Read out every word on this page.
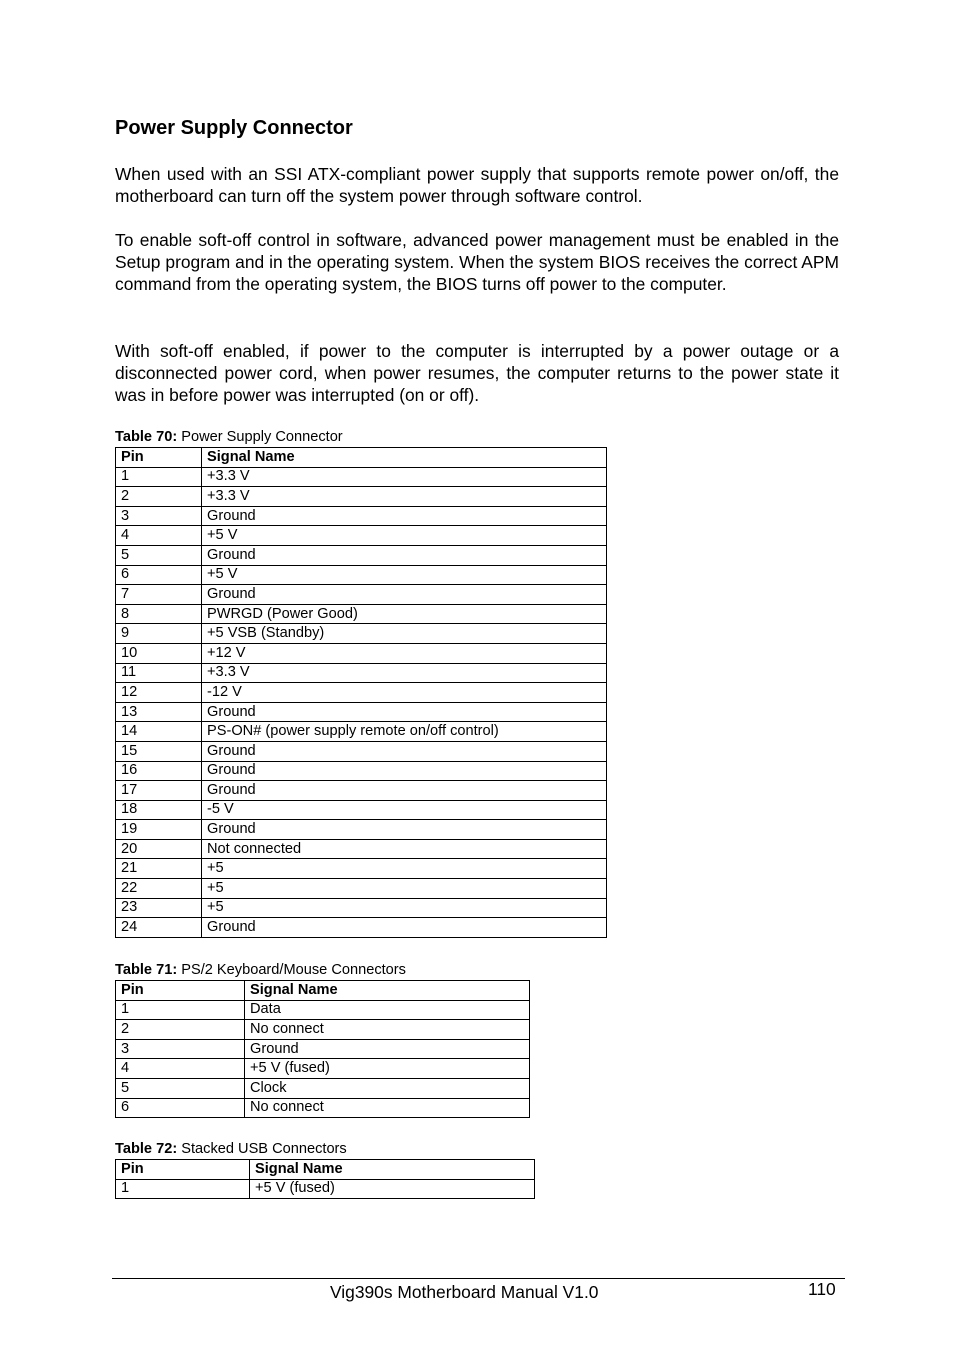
Power Supply Connector

When used with an SSI ATX-compliant power supply that supports remote power on/off, the motherboard can turn off the system power through software control.

To enable soft-off control in software, advanced power management must be enabled in the Setup program and in the operating system. When the system BIOS receives the correct APM command from the operating system, the BIOS turns off power to the computer.

With soft-off enabled, if power to the computer is interrupted by a power outage or a disconnected power cord, when power resumes, the computer returns to the power state it was in before power was interrupted (on or off).

Table 70: Power Supply Connector
Pin	Signal Name
1	+3.3 V
2	+3.3 V
3	Ground
4	+5 V
5	Ground
6	+5 V
7	Ground
8	PWRGD (Power Good)
9	+5 VSB (Standby)
10	+12 V
11	+3.3 V
12	-12 V
13	Ground
14	PS-ON# (power supply remote on/off control)
15	Ground
16	Ground
17	Ground
18	-5 V
19	Ground
20	Not connected
21	+5
22	+5
23	+5
24	Ground
Table 71: PS/2 Keyboard/Mouse Connectors
Pin	Signal Name
1	Data
2	No connect
3	Ground
4	+5 V (fused)
5	Clock
6	No connect
Table 72: Stacked USB Connectors
Pin	Signal Name
1	+5 V (fused)
Vig390s Motherboard Manual V1.0	110
